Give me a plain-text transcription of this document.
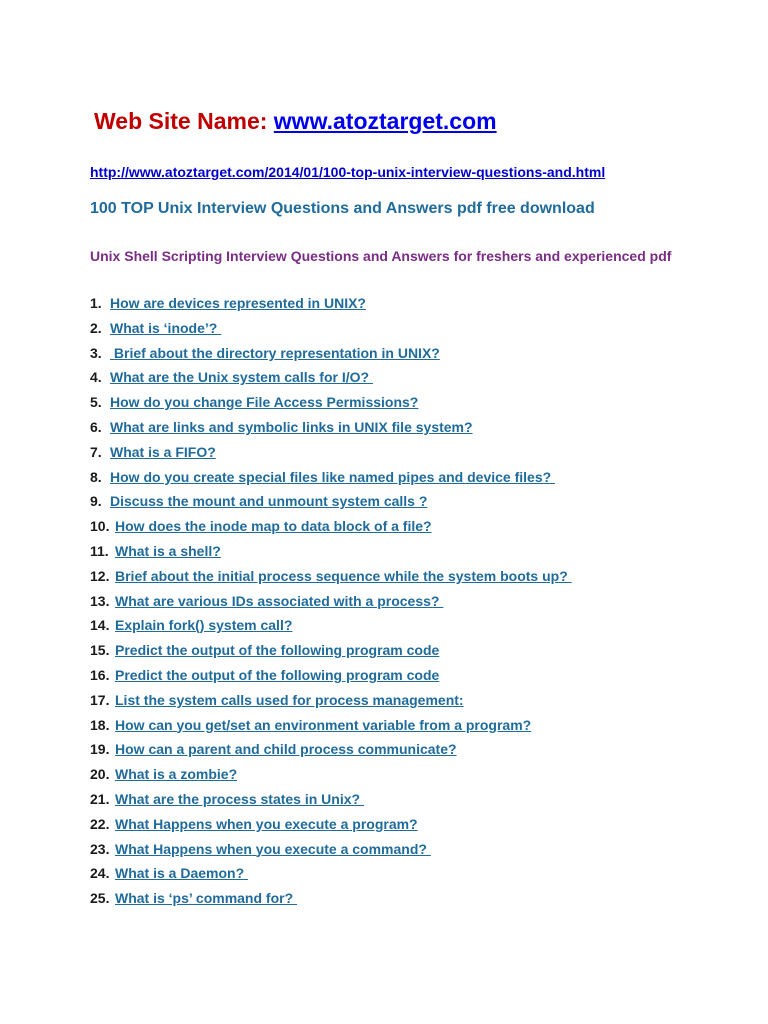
Web Site Name: www.atoztarget.com
http://www.atoztarget.com/2014/01/100-top-unix-interview-questions-and.html
100 TOP Unix Interview Questions and Answers pdf free download
Unix Shell Scripting Interview Questions and Answers for freshers and experienced pdf
1. How are devices represented in UNIX?
2. What is ‘inode’?
3. Brief about the directory representation in UNIX?
4. What are the Unix system calls for I/O?
5. How do you change File Access Permissions?
6. What are links and symbolic links in UNIX file system?
7. What is a FIFO?
8. How do you create special files like named pipes and device files?
9. Discuss the mount and unmount system calls ?
10. How does the inode map to data block of a file?
11. What is a shell?
12. Brief about the initial process sequence while the system boots up?
13. What are various IDs associated with a process?
14. Explain fork() system call?
15. Predict the output of the following program code
16. Predict the output of the following program code
17. List the system calls used for process management:
18. How can you get/set an environment variable from a program?
19. How can a parent and child process communicate?
20. What is a zombie?
21. What are the process states in Unix?
22. What Happens when you execute a program?
23. What Happens when you execute a command?
24. What is a Daemon?
25. What is ‘ps’ command for?
